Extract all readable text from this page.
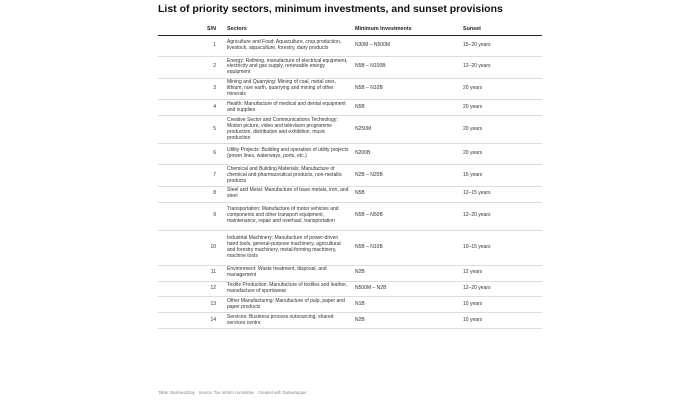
List of priority sectors, minimum investments, and sunset provisions
S/N	Sectors	Minimum Investments	Sunset
1	Agriculture and Food: Aquaculture, crop production, livestock, aquaculture, forestry, dairy products	N30M – N500M	15–20 years
2	Energy: Refining, manufacture of electrical equipment, electricity and gas supply, renewable energy equipment	N5B – N100B	12–20 years
3	Mining and Quarrying: Mining of coal, metal ores, lithium, rare earth, quarrying and mining of other minerals	N5B – N10B	20 years
4	Health: Manufacture of medical and dental equipment and supplies	N5B	20 years
5	Creative Sector and Communications Technology: Motion picture, video and television programme production, distribution and exhibition, music production	N250M	20 years
6	Utility Projects: Building and operation of utility projects (power lines, waterways, ports, etc.)	N200B	20 years
7	Chemical and Building Materials: Manufacture of chemical and pharmaceutical products, non-metallic products	N2B – N20B	15 years
8	Steel and Metal: Manufacture of base metals, iron, and steel	N5B	12–15 years
9	Transportation: Manufacture of motor vehicles and components and other transport equipment, maintenance, repair and overhaul, transportation	N5B – N50B	12–20 years
10	Industrial Machinery: Manufacture of power-driven hand tools, general-purpose machinery, agricultural and forestry machinery, metal-forming machinery, machine tools	N5B – N10B	10–15 years
11	Environment: Waste treatment, disposal, and management	N2B	12 years
12	Textile Production: Manufacture of textiles and leather, manufacture of sportswear	N500M – N2B	12–20 years
13	Other Manufacturing: Manufacture of pulp, paper and paper products	N1B	10 years
14	Services: Business process outsourcing, shared services centre	N2B	10 years
Table: BusinessDay · Source: Tax reform committee · Created with Datawrapper
